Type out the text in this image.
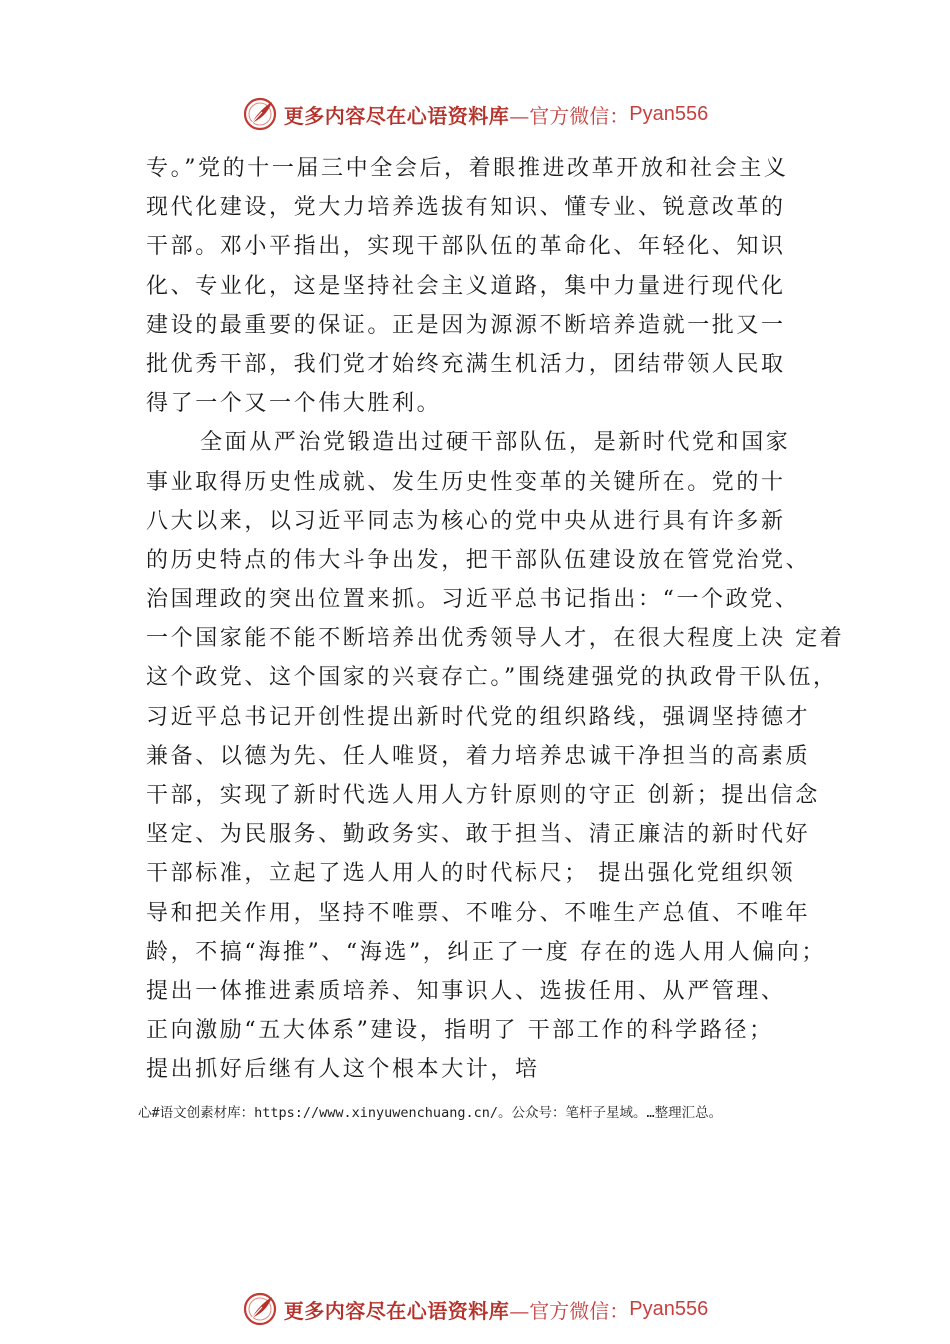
更多内容尽在心语资料库 —官方微信： Pyan556
专。”党的十一届三中全会后，着眼推进改革开放和社会主义
现代化建设，党大力培养选拔有知识、懂专业、锐意改革的
干部。邓小平指出，实现干部队伍的革命化、年轻化、知识
化、专业化，这是坚持社会主义道路，集中力量进行现代化
建设的最重要的保证。正是因为源源不断培养造就一批又一
批优秀干部，我们党才始终充满生机活力，团结带领人民取
得了一个又一个伟大胜利。
全面从严治党锻造出过硬干部队伍，是新时代党和国家
事业取得历史性成就、发生历史性变革的关键所在。党的十
八大以来，以习近平同志为核心的党中央从进行具有许多新
的历史特点的伟大斗争出发，把干部队伍建设放在管党治党、
治国理政的突出位置来抓。习近平总书记指出：“一个政党、
一个国家能不能不断培养出优秀领导人才，在很大程度上决 定着
这个政党、这个国家的兴衰存亡。”围绕建强党的执政骨干队伍，
习近平总书记开创性提出新时代党的组织路线，强调坚持德才
兼备、以德为先、任人唯贤，着力培养忠诚干净担当的高素质
干部，实现了新时代选人用人方针原则的守正 创新；提出信念
坚定、为民服务、勤政务实、敢于担当、清正廉洁的新时代好
干部标准，立起了选人用人的时代标尺； 提出强化党组织领
导和把关作用，坚持不唯票、不唯分、不唯生产总值、不唯年
龄，不搞“海推”、“海选”，纠正了一度 存在的选人用人偏向；
提出一体推进素质培养、知事识人、选拔任用、从严管理、
正向激励“五大体系”建设，指明了 干部工作的科学路径；
提出抓好后继有人这个根本大计，培
心#语文创素材库：https://www.xinyuwenchuang.cn/。公众号：笔杆子星域。…整理汇总。
更多内容尽在心语资料库 —官方微信： Pyan556
